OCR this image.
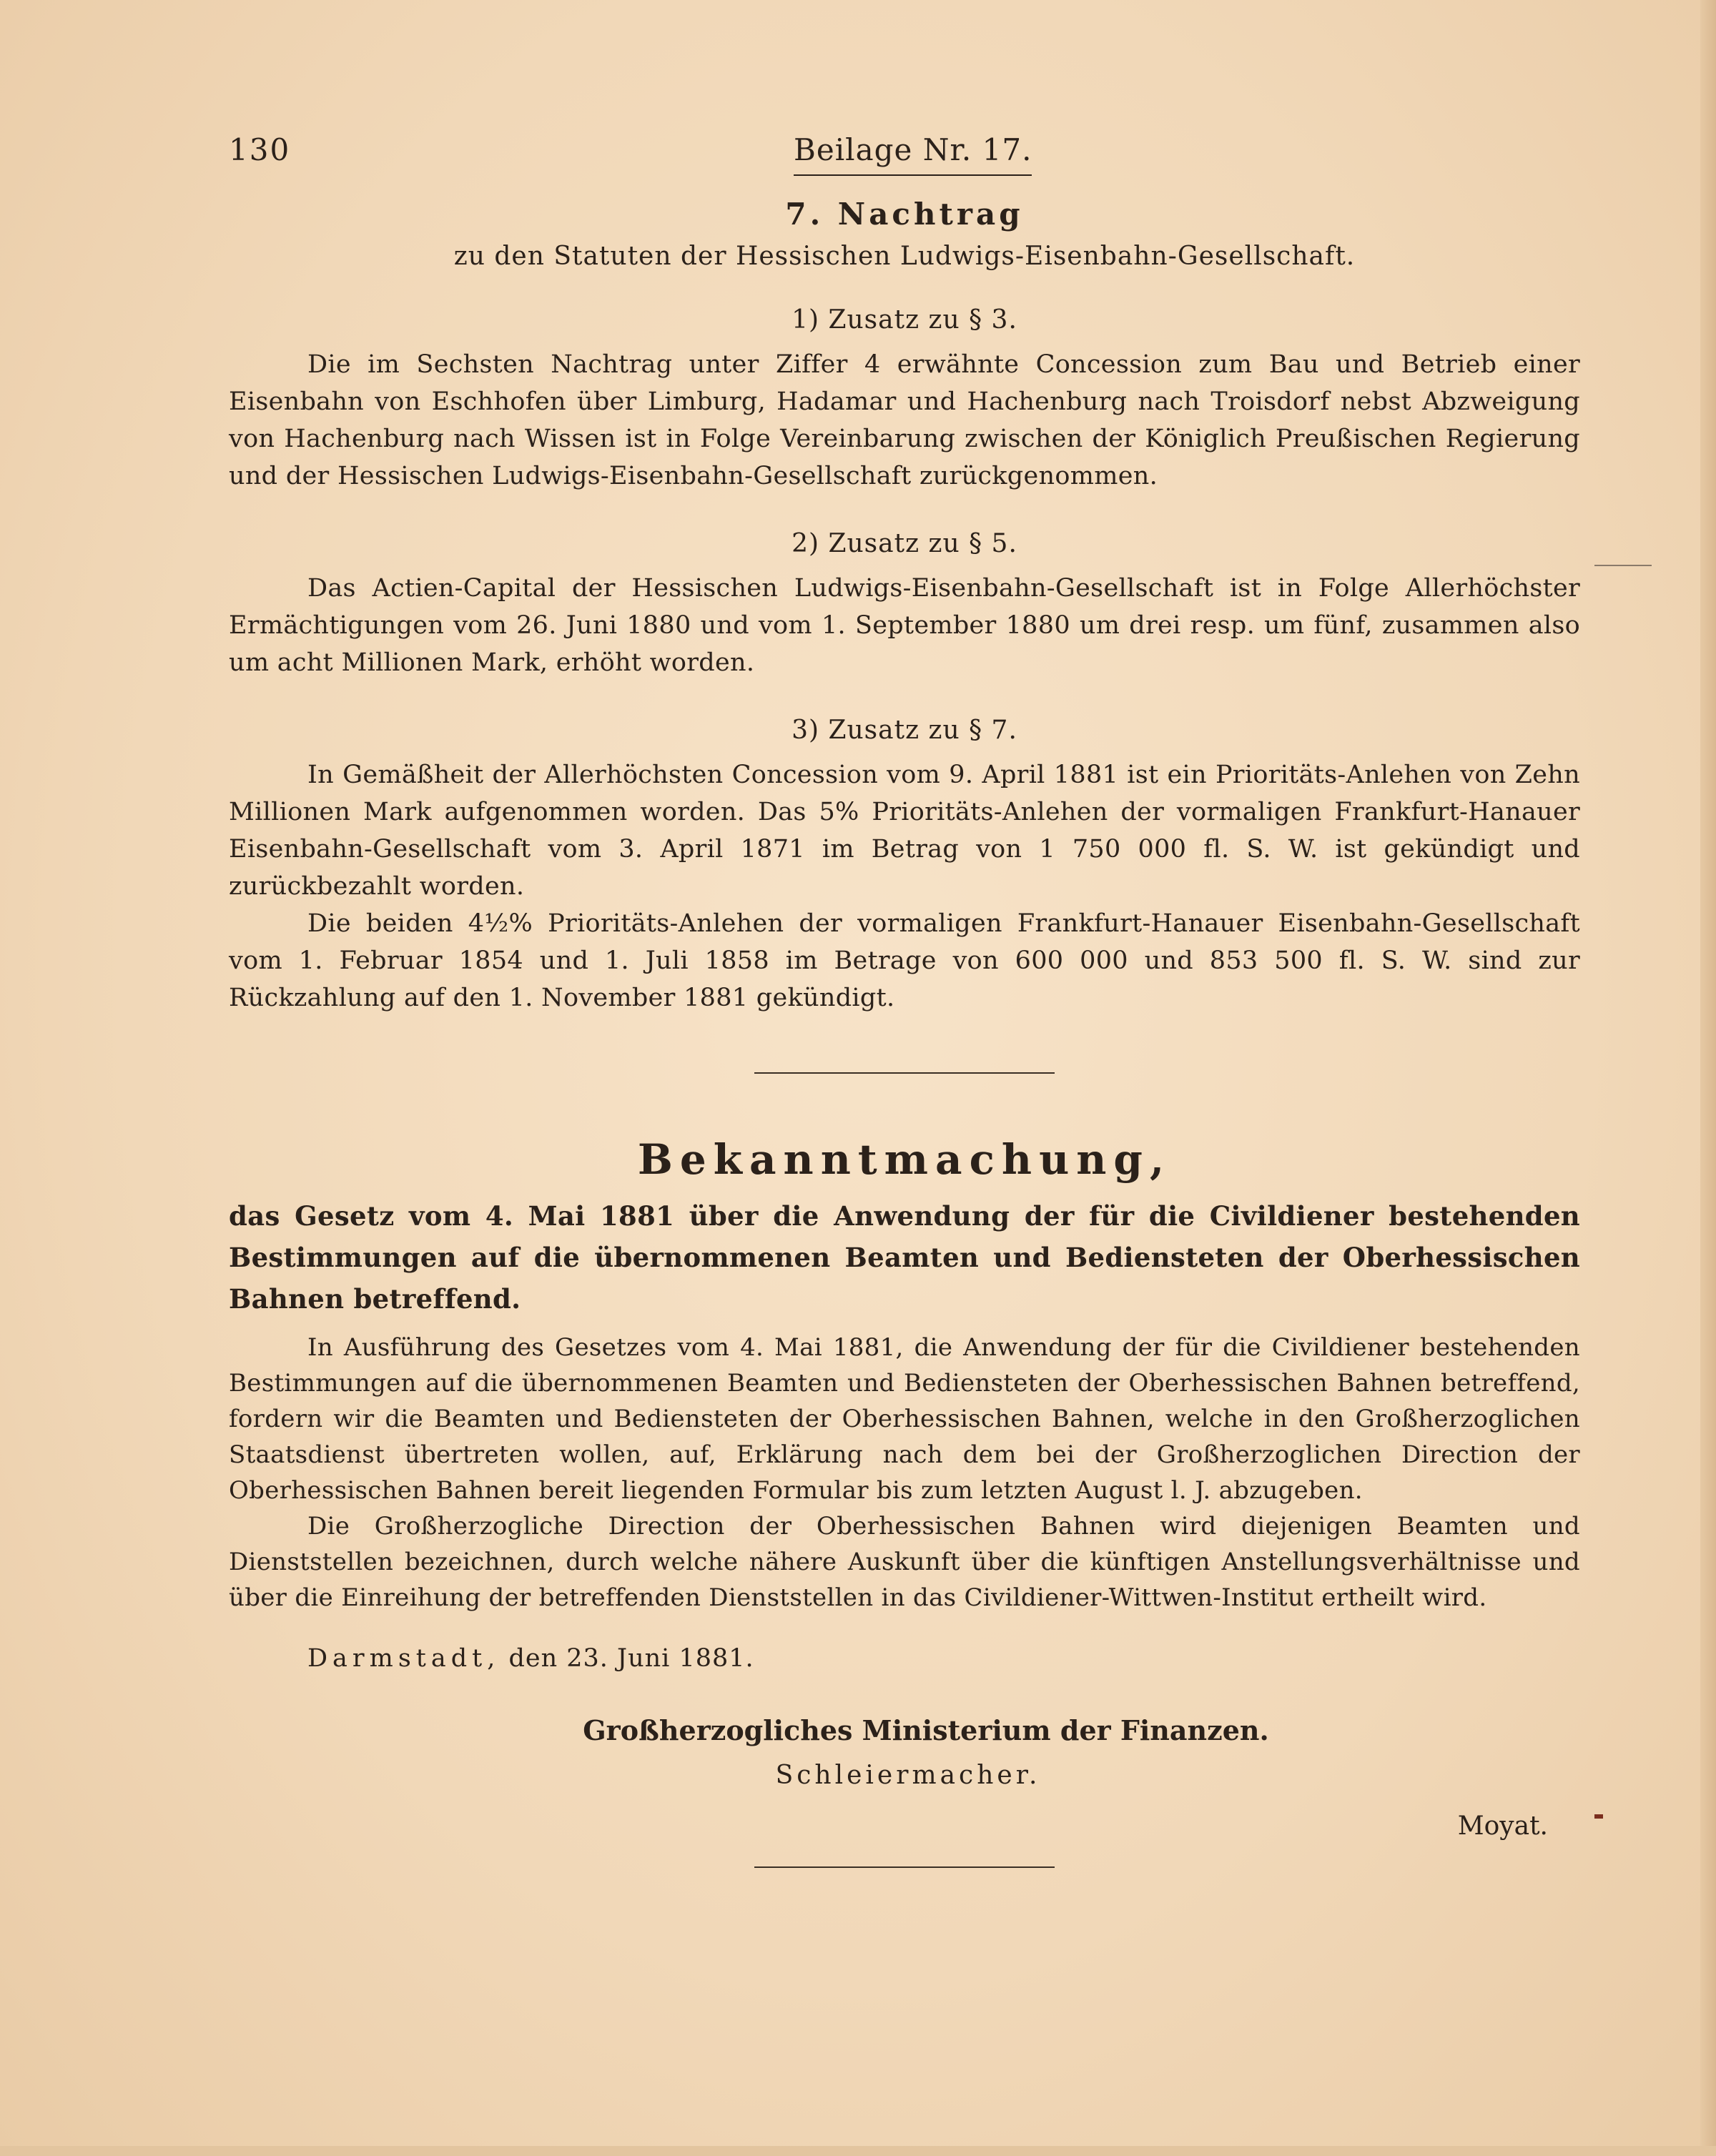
130	Beilage Nr. 17.
7. Nachtrag
zu den Statuten der Hessischen Ludwigs-Eisenbahn-Gesellschaft.
1) Zusatz zu § 3.

Die im Sechsten Nachtrag unter Ziffer 4 erwähnte Concession zum Bau und Betrieb einer Eisenbahn von Eschhofen über Limburg, Hadamar und Hachenburg nach Troisdorf nebst Abzweigung von Hachenburg nach Wissen ist in Folge Vereinbarung zwischen der Königlich Preußischen Regierung und der Hessischen Ludwigs-Eisenbahn-Gesellschaft zurückgenommen.

2) Zusatz zu § 5.

Das Actien-Capital der Hessischen Ludwigs-Eisenbahn-Gesellschaft ist in Folge Allerhöchster Ermächtigungen vom 26. Juni 1880 und vom 1. September 1880 um drei resp. um fünf, zusammen also um acht Millionen Mark, erhöht worden.

3) Zusatz zu § 7.

In Gemäßheit der Allerhöchsten Concession vom 9. April 1881 ist ein Prioritäts-Anlehen von Zehn Millionen Mark aufgenommen worden. Das 5% Prioritäts-Anlehen der vormaligen Frankfurt-Hanauer Eisenbahn-Gesellschaft vom 3. April 1871 im Betrag von 1 750 000 fl. S. W. ist gekündigt und zurückbezahlt worden.

Die beiden 4½% Prioritäts-Anlehen der vormaligen Frankfurt-Hanauer Eisenbahn-Gesellschaft vom 1. Februar 1854 und 1. Juli 1858 im Betrage von 600 000 und 853 500 fl. S. W. sind zur Rückzahlung auf den 1. November 1881 gekündigt.

Bekanntmachung,
das Gesetz vom 4. Mai 1881 über die Anwendung der für die Civildiener bestehenden Bestimmungen auf die übernommenen Beamten und Bediensteten der Oberhessischen Bahnen betreffend.

In Ausführung des Gesetzes vom 4. Mai 1881, die Anwendung der für die Civildiener bestehenden Bestimmungen auf die übernommenen Beamten und Bediensteten der Oberhessischen Bahnen betreffend, fordern wir die Beamten und Bediensteten der Oberhessischen Bahnen, welche in den Großherzoglichen Staatsdienst übertreten wollen, auf, Erklärung nach dem bei der Großherzoglichen Direction der Oberhessischen Bahnen bereit liegenden Formular bis zum letzten August l. J. abzugeben.

Die Großherzogliche Direction der Oberhessischen Bahnen wird diejenigen Beamten und Dienststellen bezeichnen, durch welche nähere Auskunft über die künftigen Anstellungsverhältnisse und über die Einreihung der betreffenden Dienststellen in das Civildiener-Wittwen-Institut ertheilt wird.

Darmstadt, den 23. Juni 1881.
Großherzogliches Ministerium der Finanzen.
Schleiermacher.
Moyat.
